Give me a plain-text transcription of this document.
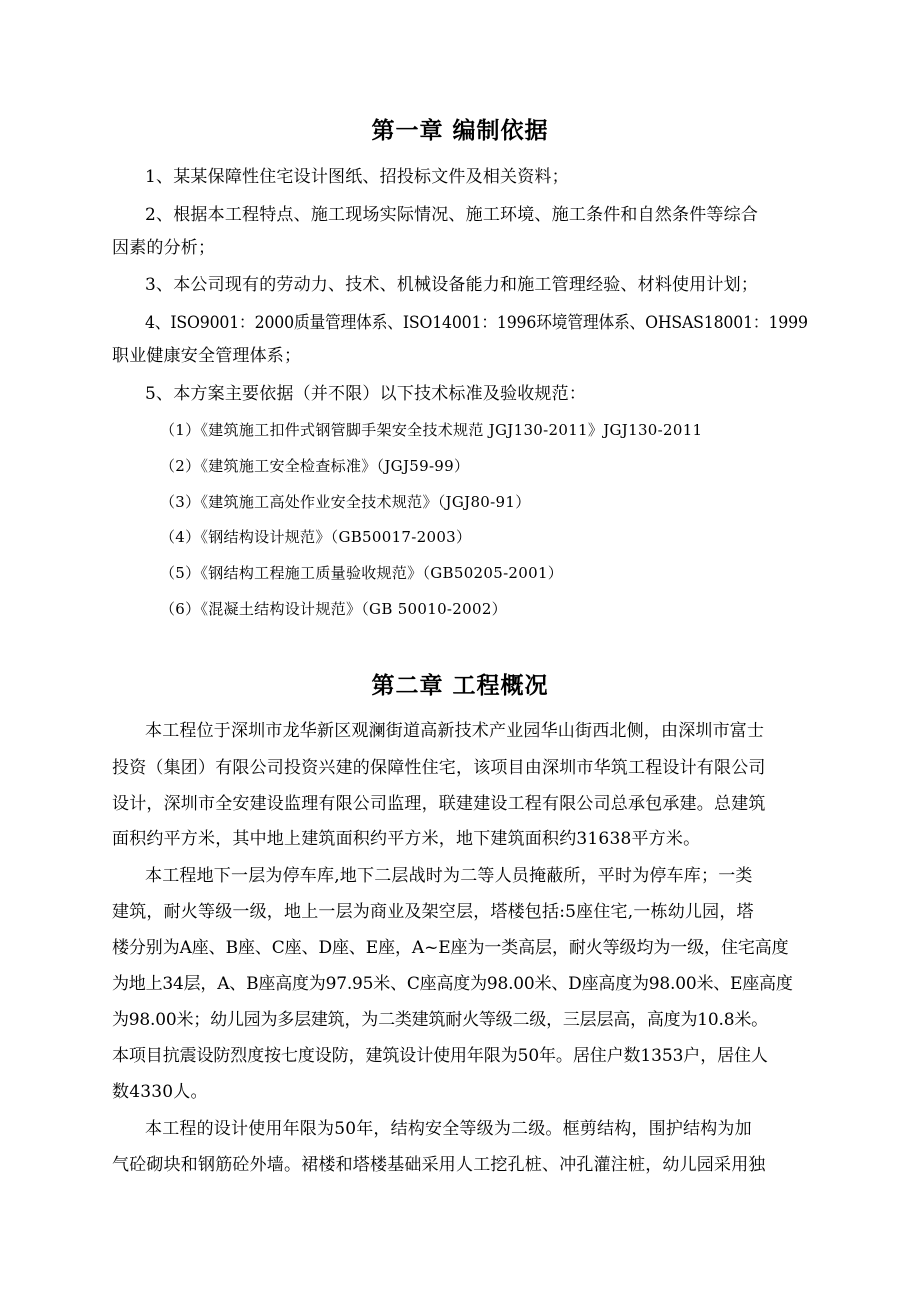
第一章 编制依据
1、某某保障性住宅设计图纸、招投标文件及相关资料；
2、根据本工程特点、施工现场实际情况、施工环境、施工条件和自然条件等综合
因素的分析；
3、本公司现有的劳动力、技术、机械设备能力和施工管理经验、材料使用计划；
4、ISO9001：2000质量管理体系、ISO14001：1996环境管理体系、OHSAS18001：1999
职业健康安全管理体系；
5、本方案主要依据（并不限）以下技术标准及验收规范：
（1）《建筑施工扣件式钢管脚手架安全技术规范 JGJ130-2011》JGJ130-2011
（2）《建筑施工安全检查标准》（JGJ59-99）
（3）《建筑施工高处作业安全技术规范》（JGJ80-91）
（4）《钢结构设计规范》（GB50017-2003）
（5）《钢结构工程施工质量验收规范》（GB50205-2001）
（6）《混凝土结构设计规范》（GB 50010-2002）
第二章 工程概况
本工程位于深圳市龙华新区观澜街道高新技术产业园华山街西北侧，由深圳市富士
投资（集团）有限公司投资兴建的保障性住宅，该项目由深圳市华筑工程设计有限公司
设计，深圳市全安建设监理有限公司监理，联建建设工程有限公司总承包承建。总建筑
面积约平方米，其中地上建筑面积约平方米，地下建筑面积约31638平方米。
本工程地下一层为停车库,地下二层战时为二等人员掩蔽所，平时为停车库；一类
建筑，耐火等级一级，地上一层为商业及架空层，塔楼包括:5座住宅,一栋幼儿园，塔
楼分别为A座、B座、C座、D座、E座，A~E座为一类高层，耐火等级均为一级，住宅高度
为地上34层，A、B座高度为97.95米、C座高度为98.00米、D座高度为98.00米、E座高度
为98.00米；幼儿园为多层建筑，为二类建筑耐火等级二级，三层层高，高度为10.8米。
本项目抗震设防烈度按七度设防，建筑设计使用年限为50年。居住户数1353户，居住人
数4330人。
本工程的设计使用年限为50年，结构安全等级为二级。框剪结构，围护结构为加
气砼砌块和钢筋砼外墙。裙楼和塔楼基础采用人工挖孔桩、冲孔灌注桩，幼儿园采用独
